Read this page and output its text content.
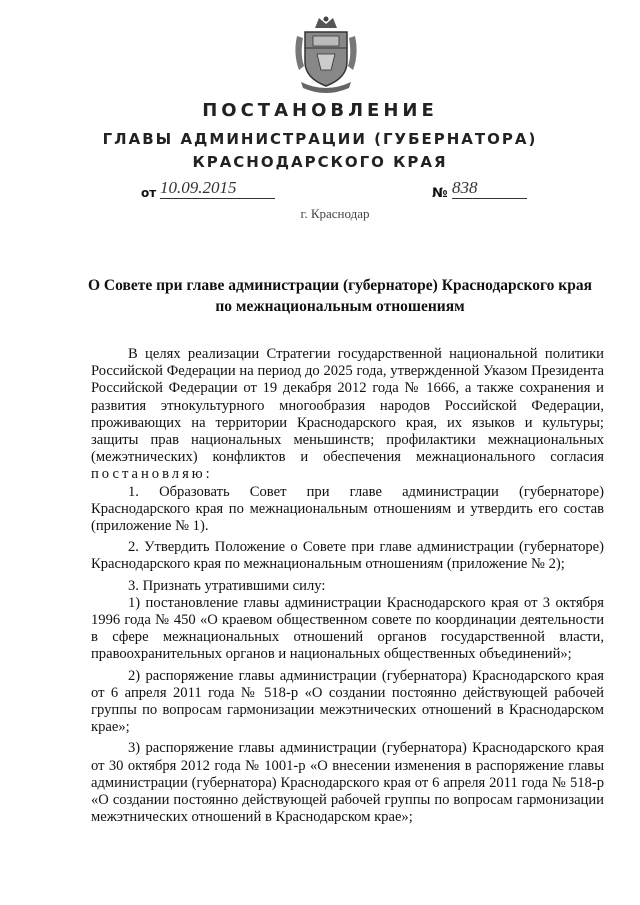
ПОСТАНОВЛЕНИЕ
ГЛАВЫ АДМИНИСТРАЦИИ (ГУБЕРНАТОРА)
КРАСНОДАРСКОГО КРАЯ
от 10.09.2015	№ 838
г. Краснодар
О Совете при главе администрации (губернаторе) Краснодарского края
по межнациональным отношениям

В целях реализации Стратегии государственной национальной политики Российской Федерации на период до 2025 года, утвержденной Указом Президента Российской Федерации от 19 декабря 2012 года № 1666, а также сохранения и развития этнокультурного многообразия народов Российской Федерации, проживающих на территории Краснодарского края, их языков и культуры; защиты прав национальных меньшинств; профилактики межнациональных (межэтнических) конфликтов и обеспечения межнационального согласия постановляю:

1. Образовать Совет при главе администрации (губернаторе) Краснодарского края по межнациональным отношениям и утвердить его состав (приложение № 1).

2. Утвердить Положение о Совете при главе администрации (губернаторе) Краснодарского края по межнациональным отношениям (приложение № 2);

3. Признать утратившими силу:

1) постановление главы администрации Краснодарского края от 3 октября 1996 года № 450 «О краевом общественном совете по координации деятельности в сфере межнациональных отношений органов государственной власти, правоохранительных органов и национальных общественных объединений»;

2) распоряжение главы администрации (губернатора) Краснодарского края от 6 апреля 2011 года № 518-р «О создании постоянно действующей рабочей группы по вопросам гармонизации межэтнических отношений в Краснодарском крае»;

3) распоряжение главы администрации (губернатора) Краснодарского края от 30 октября 2012 года № 1001-р «О внесении изменения в распоряжение главы администрации (губернатора) Краснодарского края от 6 апреля 2011 года № 518-р «О создании постоянно действующей рабочей группы по вопросам гармонизации межэтнических отношений в Краснодарском крае»;
